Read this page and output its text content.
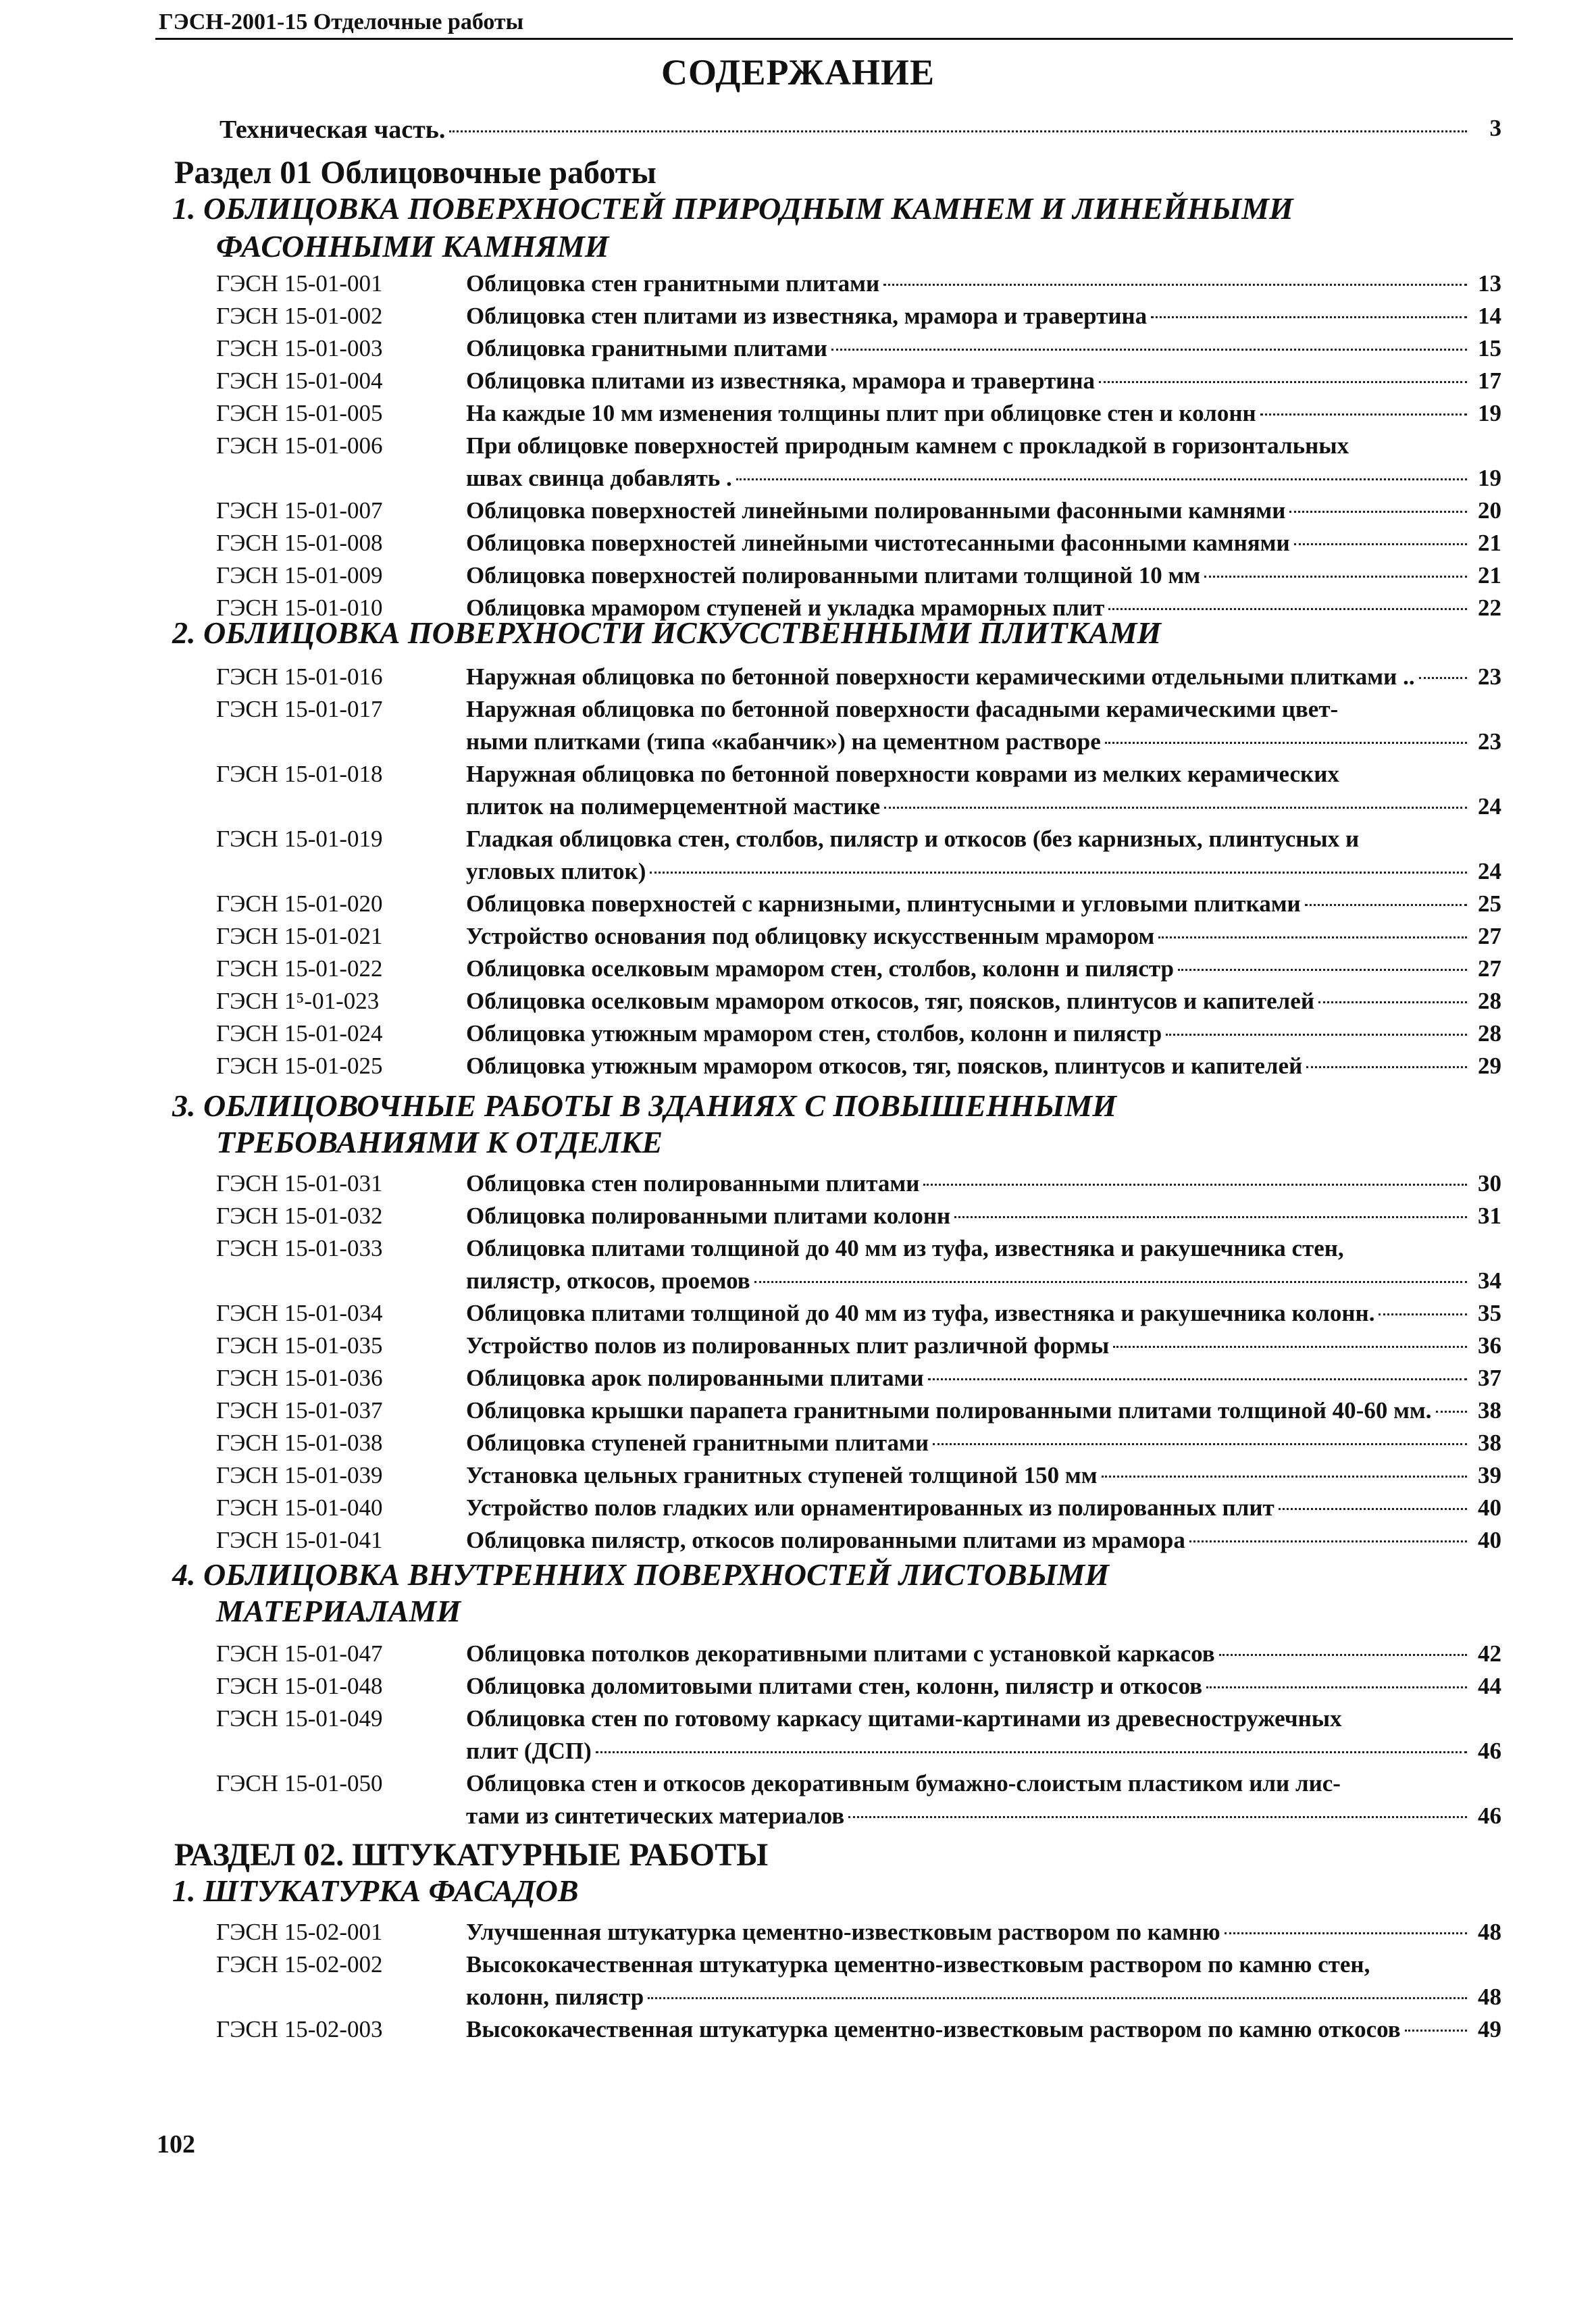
ГЭСН-2001-15 Отделочные работы
СОДЕРЖАНИЕ
Техническая часть.	3
Раздел 01 Облицовочные работы
1. ОБЛИЦОВКА ПОВЕРХНОСТЕЙ ПРИРОДНЫМ КАМНЕМ И ЛИНЕЙНЫМИ
ФАСОННЫМИ КАМНЯМИ
2. ОБЛИЦОВКА ПОВЕРХНОСТИ ИСКУССТВЕННЫМИ ПЛИТКАМИ
3. ОБЛИЦОВОЧНЫЕ РАБОТЫ В ЗДАНИЯХ С ПОВЫШЕННЫМИ
ТРЕБОВАНИЯМИ К ОТДЕЛКЕ
4. ОБЛИЦОВКА ВНУТРЕННИХ ПОВЕРХНОСТЕЙ ЛИСТОВЫМИ
МАТЕРИАЛАМИ
РАЗДЕЛ 02. ШТУКАТУРНЫЕ РАБОТЫ
1. ШТУКАТУРКА ФАСАДОВ
ГЭСН 15-01-001	Облицовка стен гранитными плитами	13
ГЭСН 15-01-002	Облицовка стен плитами из известняка, мрамора и травертина	14
ГЭСН 15-01-003	Облицовка гранитными плитами	15
ГЭСН 15-01-004	Облицовка плитами из известняка, мрамора и травертина	17
ГЭСН 15-01-005	На каждые 10 мм изменения толщины плит при облицовке стен и колонн	19
ГЭСН 15-01-006	При облицовке поверхностей природным камнем с прокладкой в горизонтальных
швах свинца добавлять .	19
ГЭСН 15-01-007	Облицовка поверхностей линейными полированными фасонными камнями	20
ГЭСН 15-01-008	Облицовка поверхностей линейными чистотесанными фасонными камнями	21
ГЭСН 15-01-009	Облицовка поверхностей полированными плитами толщиной 10 мм	21
ГЭСН 15-01-010	Облицовка мрамором ступеней и укладка мраморных плит	22
ГЭСН 15-01-016	Наружная облицовка по бетонной поверхности керамическими отдельными плитками ..	23
ГЭСН 15-01-017	Наружная облицовка по бетонной поверхности фасадными керамическими цвет-
ными плитками (типа «кабанчик») на цементном растворе	23
ГЭСН 15-01-018	Наружная облицовка по бетонной поверхности коврами из мелких керамических
плиток на полимерцементной мастике	24
ГЭСН 15-01-019	Гладкая облицовка стен, столбов, пилястр и откосов (без карнизных, плинтусных и
угловых плиток)	24
ГЭСН 15-01-020	Облицовка поверхностей с карнизными, плинтусными и угловыми плитками	25
ГЭСН 15-01-021	Устройство основания под облицовку искусственным мрамором	27
ГЭСН 15-01-022	Облицовка оселковым мрамором стен, столбов, колонн и пилястр	27
ГЭСН 1⁵-01-023	Облицовка оселковым мрамором откосов, тяг, поясков, плинтусов и капителей	28
ГЭСН 15-01-024	Облицовка утюжным мрамором стен, столбов, колонн и пилястр	28
ГЭСН 15-01-025	Облицовка утюжным мрамором откосов, тяг, поясков, плинтусов и капителей	29
ГЭСН 15-01-031	Облицовка стен полированными плитами	30
ГЭСН 15-01-032	Облицовка полированными плитами колонн	31
ГЭСН 15-01-033	Облицовка плитами толщиной до 40 мм из туфа, известняка и ракушечника стен,
пилястр, откосов, проемов	34
ГЭСН 15-01-034	Облицовка плитами толщиной до 40 мм из туфа, известняка и ракушечника колонн.	35
ГЭСН 15-01-035	Устройство полов из полированных плит различной формы	36
ГЭСН 15-01-036	Облицовка арок полированными плитами	37
ГЭСН 15-01-037	Облицовка крышки парапета гранитными полированными плитами толщиной 40-60 мм.	38
ГЭСН 15-01-038	Облицовка ступеней гранитными плитами	38
ГЭСН 15-01-039	Установка цельных гранитных ступеней толщиной 150 мм	39
ГЭСН 15-01-040	Устройство полов гладких или орнаментированных из полированных плит	40
ГЭСН 15-01-041	Облицовка пилястр, откосов полированными плитами из мрамора	40
ГЭСН 15-01-047	Облицовка потолков декоративными плитами с установкой каркасов	42
ГЭСН 15-01-048	Облицовка доломитовыми плитами стен, колонн, пилястр и откосов	44
ГЭСН 15-01-049	Облицовка стен по готовому каркасу щитами-картинами из древесностружечных
плит (ДСП)	46
ГЭСН 15-01-050	Облицовка стен и откосов декоративным бумажно-слоистым пластиком или лис-
тами из синтетических материалов	46
ГЭСН 15-02-001	Улучшенная штукатурка цементно-известковым раствором по камню	48
ГЭСН 15-02-002	Высококачественная штукатурка цементно-известковым раствором по камню стен,
колонн, пилястр	48
ГЭСН 15-02-003	Высококачественная штукатурка цементно-известковым раствором по камню откосов	49
102
